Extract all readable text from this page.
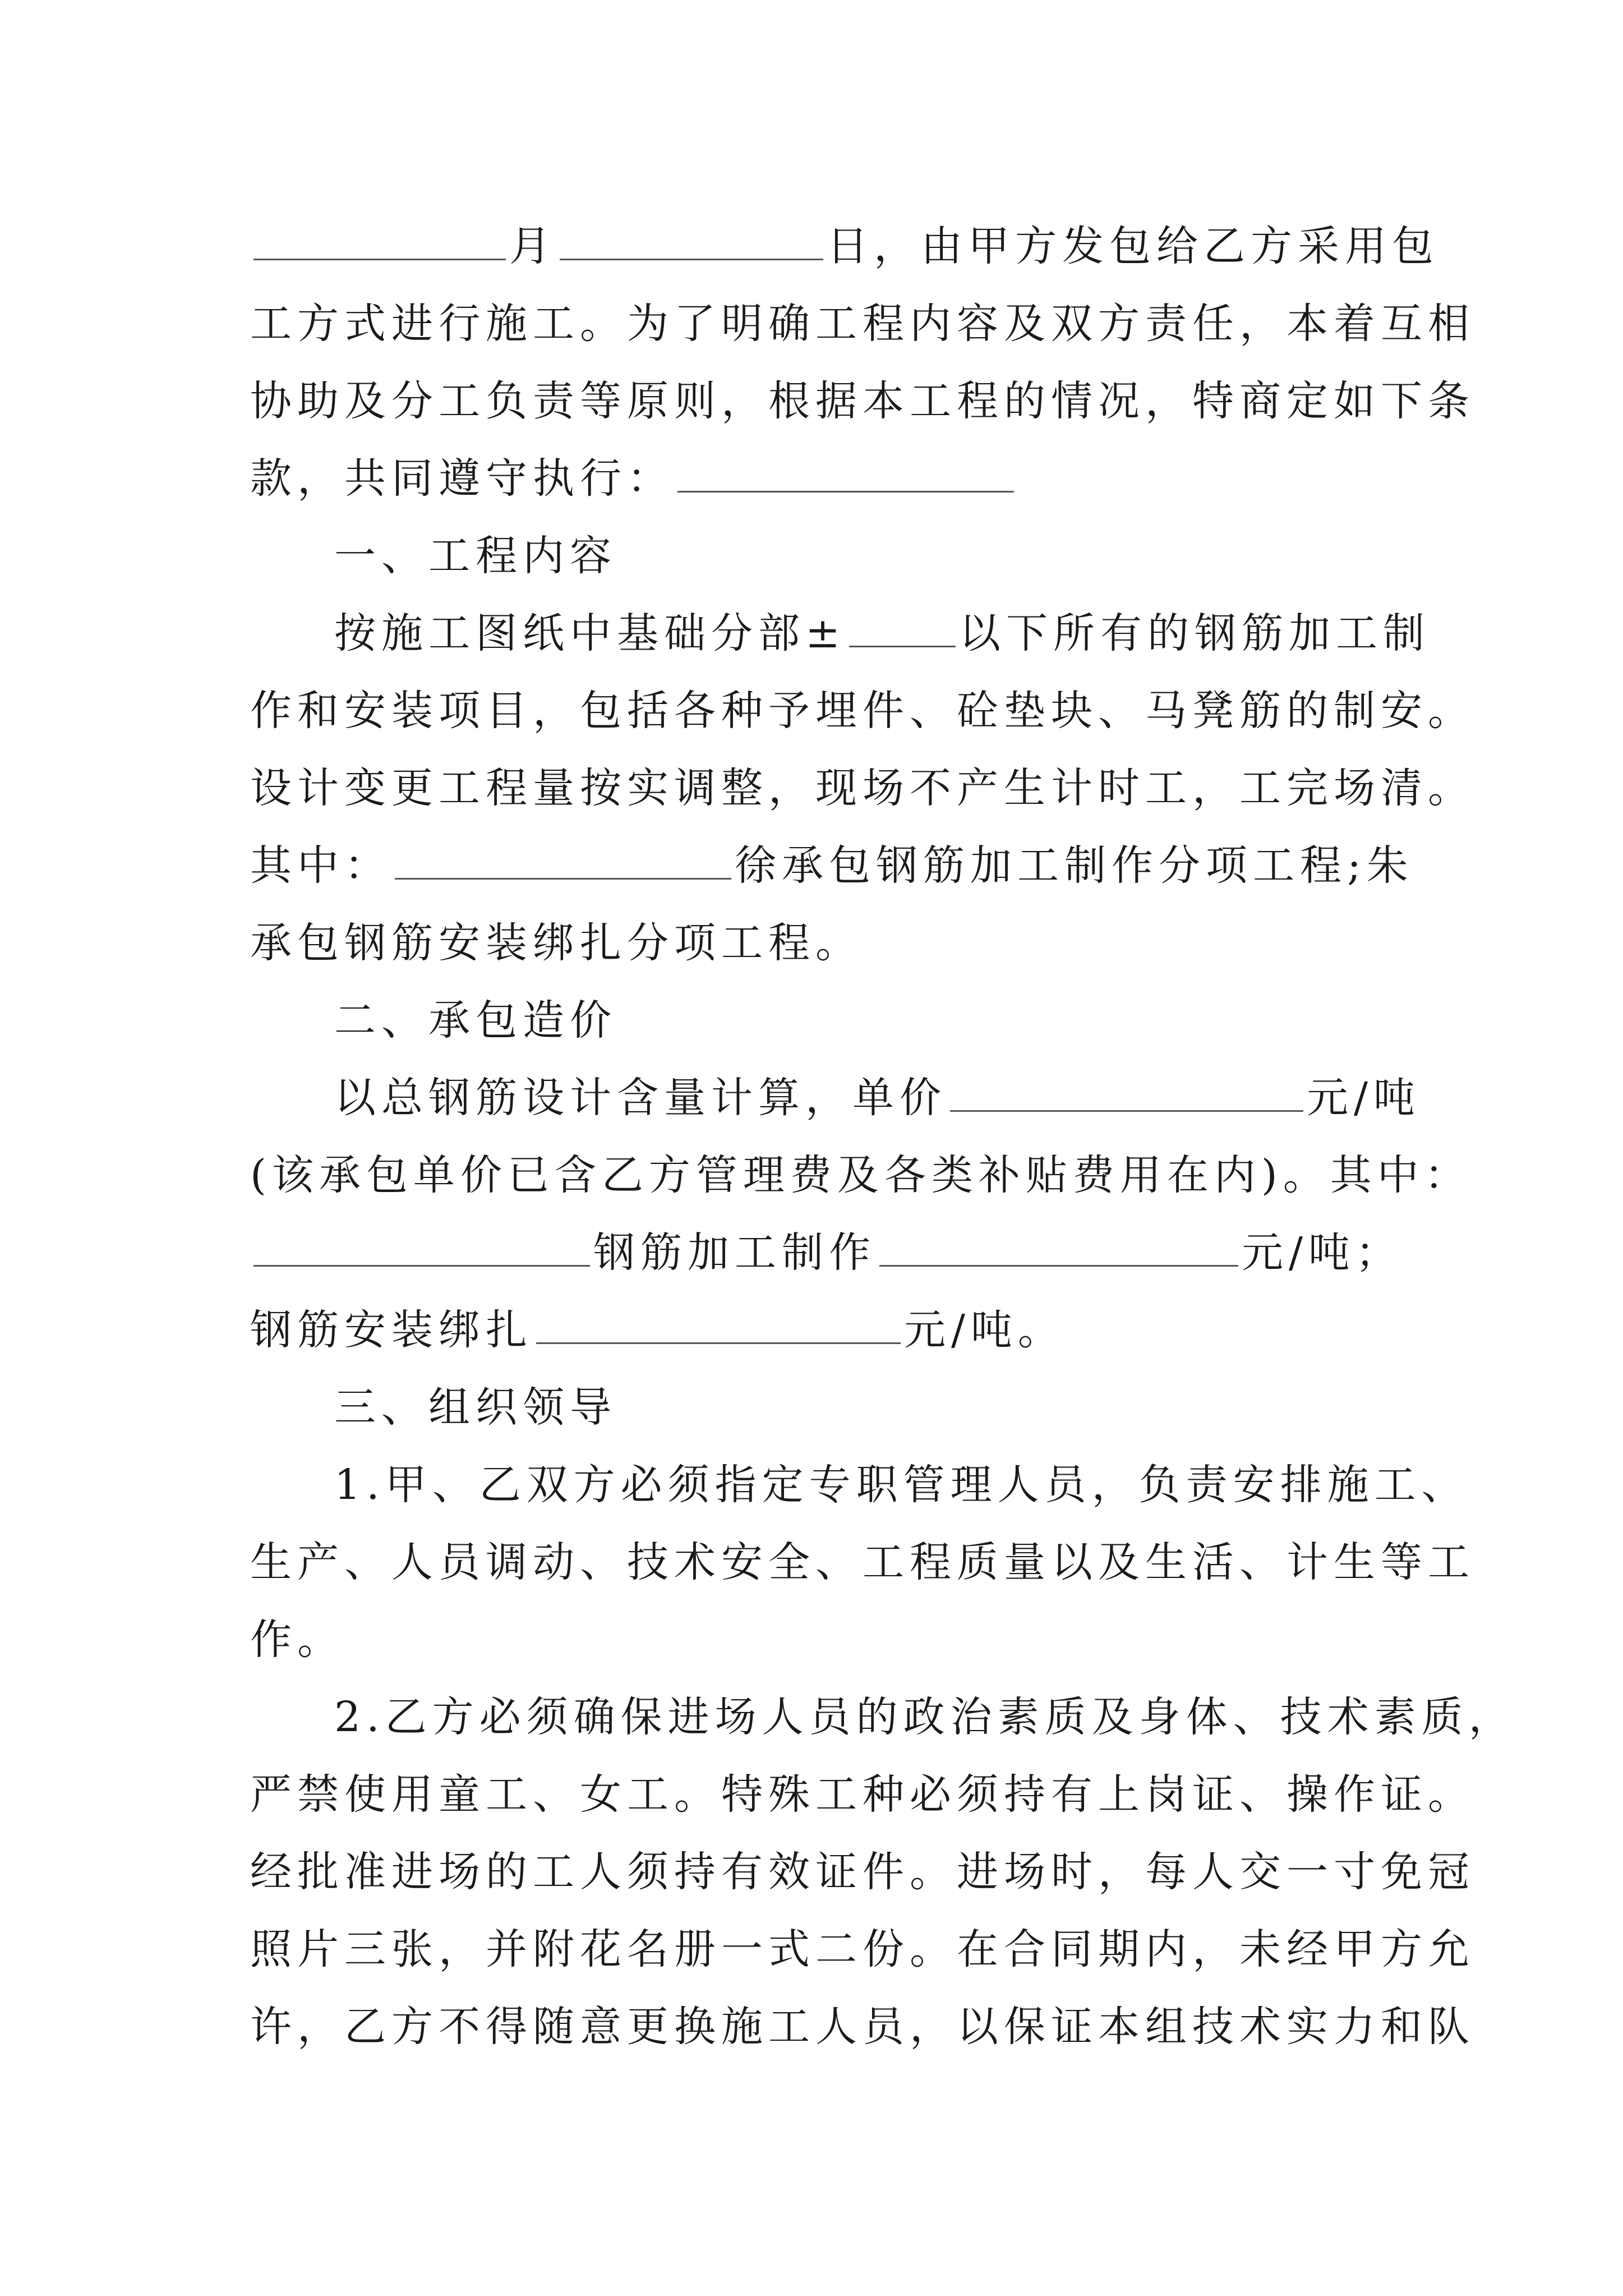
月	日，由甲方发包给乙方采用包
工方式进行施工。为了明确工程内容及双方责任，本着互相
协助及分工负责等原则，根据本工程的情况，特商定如下条
款，共同遵守执行：
一、工程内容
按施工图纸中基础分部±	以下所有的钢筋加工制
作和安装项目，包括各种予埋件、砼垫块、马凳筋的制安。
设计变更工程量按实调整，现场不产生计时工，工完场清。
其中：	徐承包钢筋加工制作分项工程;朱
承包钢筋安装绑扎分项工程。
二、承包造价
以总钢筋设计含量计算，单价	元/吨
(该承包单价已含乙方管理费及各类补贴费用在内)。其中：
钢筋加工制作	元/吨；
钢筋安装绑扎	元/吨。
三、组织领导
1.甲、乙双方必须指定专职管理人员，负责安排施工、
生产、人员调动、技术安全、工程质量以及生活、计生等工
作。
2.乙方必须确保进场人员的政治素质及身体、技术素质，
严禁使用童工、女工。特殊工种必须持有上岗证、操作证。
经批准进场的工人须持有效证件。进场时，每人交一寸免冠
照片三张，并附花名册一式二份。在合同期内，未经甲方允
许，乙方不得随意更换施工人员，以保证本组技术实力和队
